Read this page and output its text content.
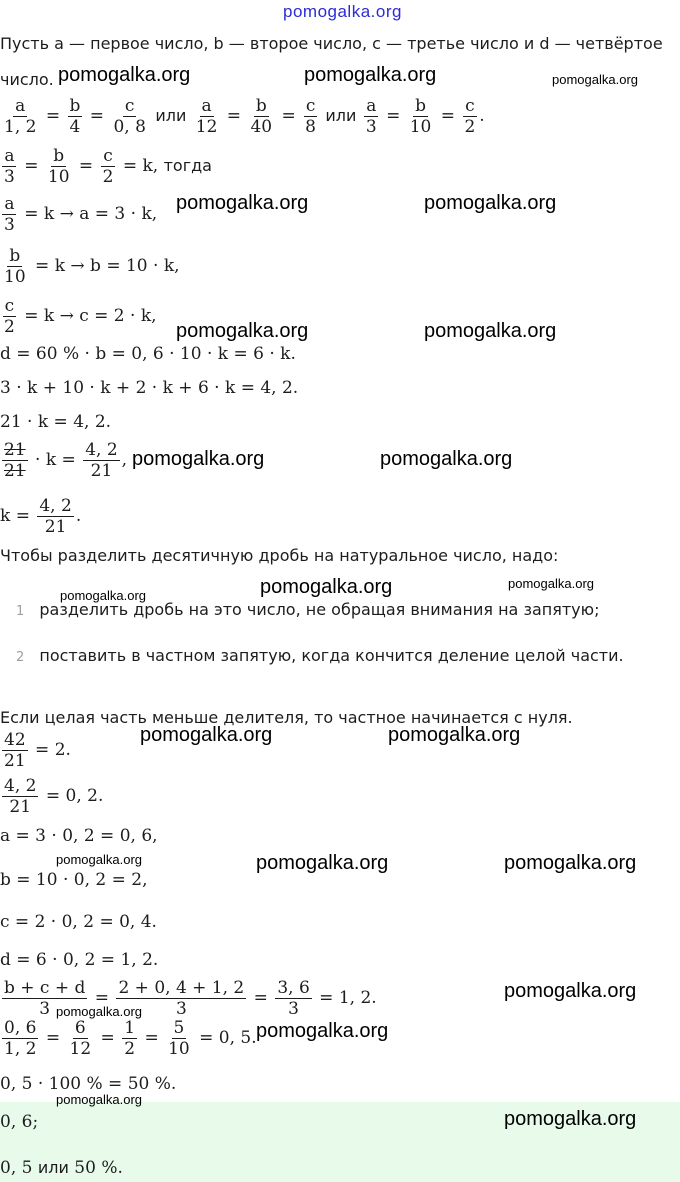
pomogalka.org
Пусть a — первое число, b — второе число, c — третье число и d — четвёртое
число.
$\frac{a}{1, 2} = \frac{b}{4} = \frac{c}{0, 8}$ или $\frac{a}{12} = \frac{b}{40} = \frac{c}{8}$ или $\frac{a}{3} = \frac{b}{10} = \frac{c}{2}$ .
$\frac{a}{3} = \frac{b}{10} = \frac{c}{2} = k$, тогда
$\frac{a}{3} = k \to a = 3 \cdot k$,
$\frac{b}{10} = k \to b = 10 \cdot k$,
$\frac{c}{2} = k \to c = 2 \cdot k$,
d = 60 % · b = 0, 6 · 10 · k = 6 · k.
3 · k + 10 · k + 2 · k + 6 · k = 4, 2.
21 · k = 4, 2.
$\frac{21}{21} \cdot k = \frac{4, 2}{21}$ ,
$k = \frac{4, 2}{21}$ .
Чтобы разделить десятичную дробь на натуральное число, надо:
1 разделить дробь на это число, не обращая внимания на запятую;
2 поставить в частном запятую, когда кончится деление целой части.
Если целая часть меньше делителя, то частное начинается с нуля.
$\frac{42}{21} = 2$.
$\frac{4, 2}{21} = 0$, 2.
a = 3 · 0, 2 = 0, 6,
b = 10 · 0, 2 = 2,
c = 2 · 0, 2 = 0, 4.
d = 6 · 0, 2 = 1, 2.
$\frac{b + c + d}{3} = \frac{2 + 0, 4 + 1, 2}{3} = \frac{3, 6}{3} = 1$, 2.
$\frac{0, 6}{1, 2} = \frac{6}{12} = \frac{1}{2} = \frac{5}{10} = 0$, 5.
0, 5 · 100 % = 50 %.
0, 6;
0, 5 или 50 %.
pomogalka.org	pomogalka.org	pomogalka.org
pomogalka.org	pomogalka.org
pomogalka.org	pomogalka.org
pomogalka.org	pomogalka.org
pomogalka.org	pomogalka.org	pomogalka.org
pomogalka.org	pomogalka.org
pomogalka.org	pomogalka.org	pomogalka.org
pomogalka.org
pomogalka.org
pomogalka.org
pomogalka.org
pomogalka.org
